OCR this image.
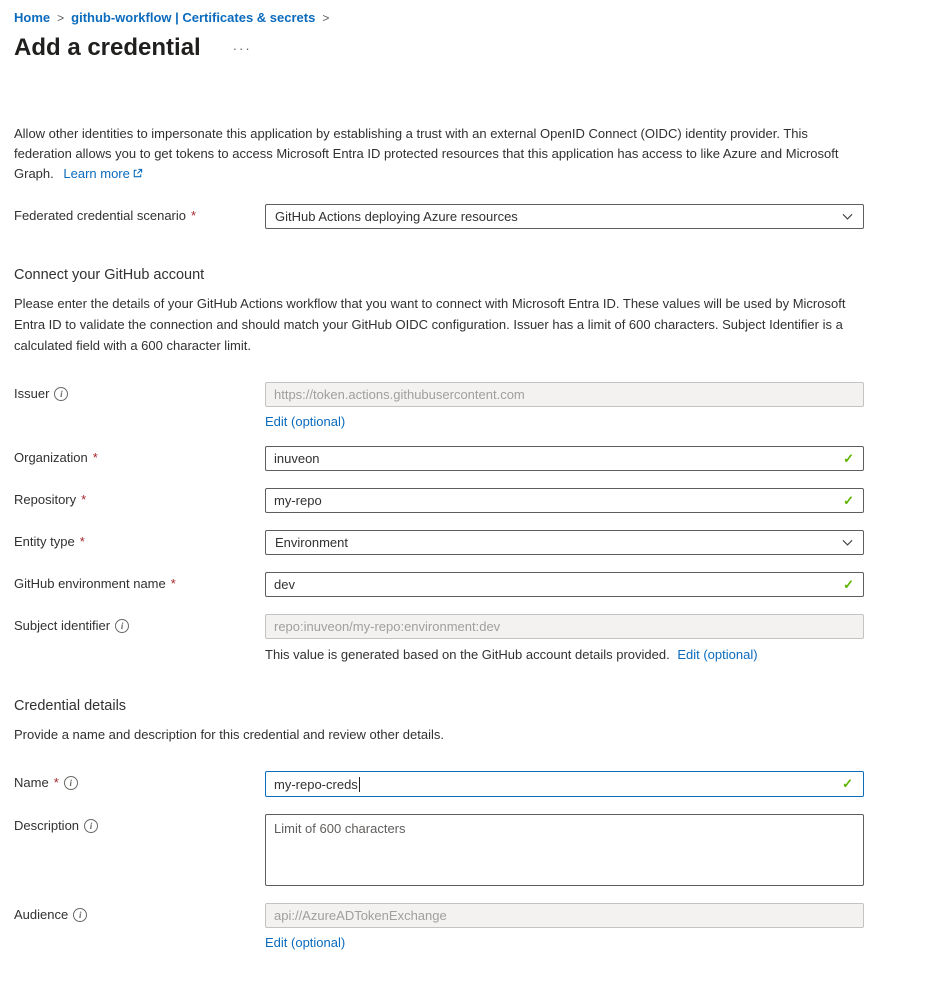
Home > github-workflow | Certificates & secrets >
Add a credential ···

Allow other identities to impersonate this application by establishing a trust with an external OpenID Connect (OIDC) identity provider. This federation allows you to get tokens to access Microsoft Entra ID protected resources that this application has access to like Azure and Microsoft Graph. Learn more

Federated credential scenario *	GitHub Actions deploying Azure resources
Connect your GitHub account

Please enter the details of your GitHub Actions workflow that you want to connect with Microsoft Entra ID. These values will be used by Microsoft Entra ID to validate the connection and should match your GitHub OIDC configuration. Issuer has a limit of 600 characters. Subject Identifier is a calculated field with a 600 character limit.

Issuer	i
https://token.actions.githubusercontent.com
Edit (optional)
Organization *
inuveon	✓
Repository *
my-repo	✓
Entity type *	Environment
GitHub environment name *
dev	✓
Subject identifier	i
repo:inuveon/my-repo:environment:dev
This value is generated based on the GitHub account details provided. Edit (optional)
Credential details

Provide a name and description for this credential and review other details.

Name *	i	my-repo-creds	✓
Description	i
Limit of 600 characters
Audience	i
api://AzureADTokenExchange
Edit (optional)
